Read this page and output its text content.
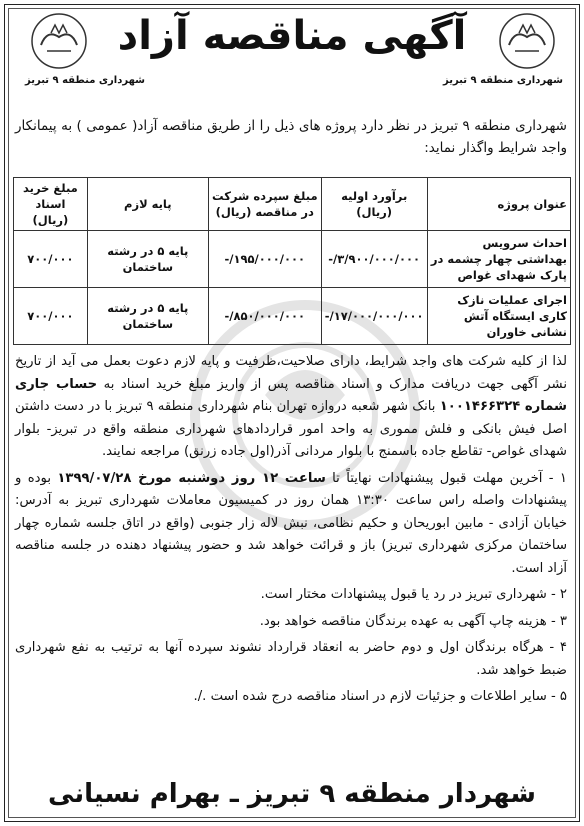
آگهی مناقصه آزاد
شهرداری منطقه ۹ تبریز	شهرداری منطقه ۹ تبریز
شهرداری منطقه ۹ تبریز در نظر دارد پروژه های ذیل را از طریق مناقصه آزاد( عمومی ) به پیمانکار واجد شرایط واگذار نماید:
عنوان پروژه	برآورد اولیه (ریال)	مبلغ سپرده شرکت در مناقصه (ریال)	پایه لازم	مبلغ خرید اسناد (ریال)
احداث سرویس بهداشتی چهار چشمه در پارک شهدای غواص	۳/۹۰۰/۰۰۰/۰۰۰/-	۱۹۵/۰۰۰/۰۰۰/-	پایه ۵ در رشته ساختمان	۷۰۰/۰۰۰
اجرای عملیات نازک کاری ایستگاه آتش نشانی خاوران	۱۷/۰۰۰/۰۰۰/۰۰۰/-	۸۵۰/۰۰۰/۰۰۰/-	پایه ۵ در رشته ساختمان	۷۰۰/۰۰۰

لذا از کلیه شرکت های واجد شرایط، دارای صلاحیت،ظرفیت و پایه لازم دعوت بعمل می آید از تاریخ نشر آگهی جهت دریافت مدارک و اسناد مناقصه پس از واریز مبلغ خرید اسناد به حساب جاری شماره ۱۰۰۱۴۶۶۳۲۴ بانک شهر شعبه دروازه تهران بنام شهرداری منطقه ۹ تبریز با در دست داشتن اصل فیش بانکی و فلش مموری به واحد امور قراردادهای شهرداری منطقه واقع در تبریز- بلوار شهدای غواص- تقاطع جاده باسمنج با بلوار مردانی آذر(اول جاده زرنق) مراجعه نمایند.

۱ - آخرین مهلت قبول پیشنهادات نهایتاً تا ساعت ۱۲ روز دوشنبه مورخ ۱۳۹۹/۰۷/۲۸ بوده و پیشنهادات واصله راس ساعت ۱۳:۳۰ همان روز در کمیسیون معاملات شهرداری تبریز به آدرس: خیابان آزادی - مابین ابوریحان و حکیم نظامی، نبش لاله زار جنوبی (واقع در اتاق جلسه شماره چهار ساختمان مرکزی شهرداری تبریز) باز و قرائت خواهد شد و حضور پیشنهاد دهنده در جلسه مناقصه آزاد است.

۲ - شهرداری تبریز در رد یا قبول پیشنهادات مختار است.

۳ - هزینه چاپ آگهی به عهده برندگان مناقصه خواهد بود.

۴ - هرگاه برندگان اول و دوم حاضر به انعقاد قرارداد نشوند سپرده آنها به ترتیب به نفع شهرداری ضبط خواهد شد.

۵ - سایر اطلاعات و جزئیات لازم در اسناد مناقصه درج شده است ./.

شهردار منطقه ۹ تبریز ـ بهرام نسیانی
